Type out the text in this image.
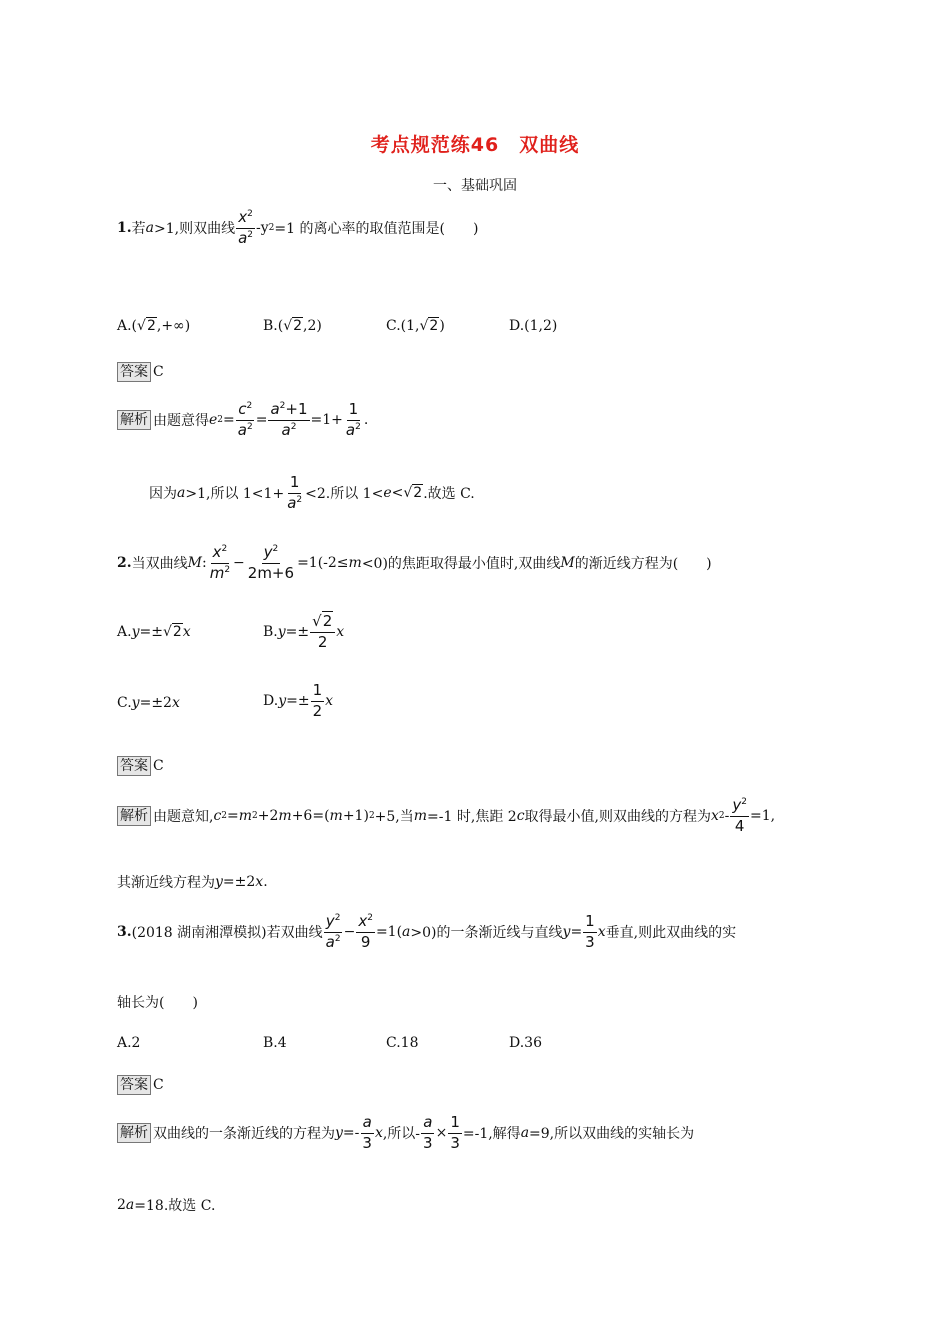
考点规范练46　双曲线
一、基础巩固
1. 若 a >1,则双曲线 $\frac{x^2}{a^2} -y$ 2 =1 的离心率的取值范围是(　　)
A.(√2,+∞)	B.(√2,2)	C.(1,√2)	D.(1,2)
答案 C
解析 由题意得 e $2 = \frac{c^2}{a^2} = \frac{a^2+1}{a^2} =1+ \frac{1}{a^2}$ .
因为 a >1,所以 $1<1+ \frac{1}{a^2} <2$.所以 1< e < √2 .故选 C.
2. 当双曲线 M : $\frac{x^2}{m^2} - \frac{y^2}{2m+6} =1(-2\le m <0)$的焦距取得最小值时,双曲线 M 的渐近线方程为(　　)
A. y =± √2 x	B. $y =\pm \frac{√2}{2}$ x
C. y =±2 x	D. $y =\pm \frac{1}{2}$ x
答案 C
解析 由题意知, c 2 = m 2 +2 m +6=( m +1) 2 +5,当 m =-1 时,焦距 2 c 取得最小值,则双曲线的方程为 x $2 - \frac{y^2}{4} =1$,
其渐近线方程为 y =±2 x .
3. (2018 湖南湘潭模拟)若双曲线 $\frac{y^2}{a^2} - \frac{x^2}{9} =1$( a >0)的一条渐近线与直线 $y = \frac{1}{3}$ x 垂直,则此双曲线的实
轴长为(　　)
A.2	B.4	C.18	D.36
答案 C
解析 双曲线的一条渐近线的方程为 $y =- \frac{a}{3}$ x ,所以- $\frac{a}{3} \times \frac{1}{3} =-1$,解得 a =9,所以双曲线的实轴长为
2 a =18.故选 C.
